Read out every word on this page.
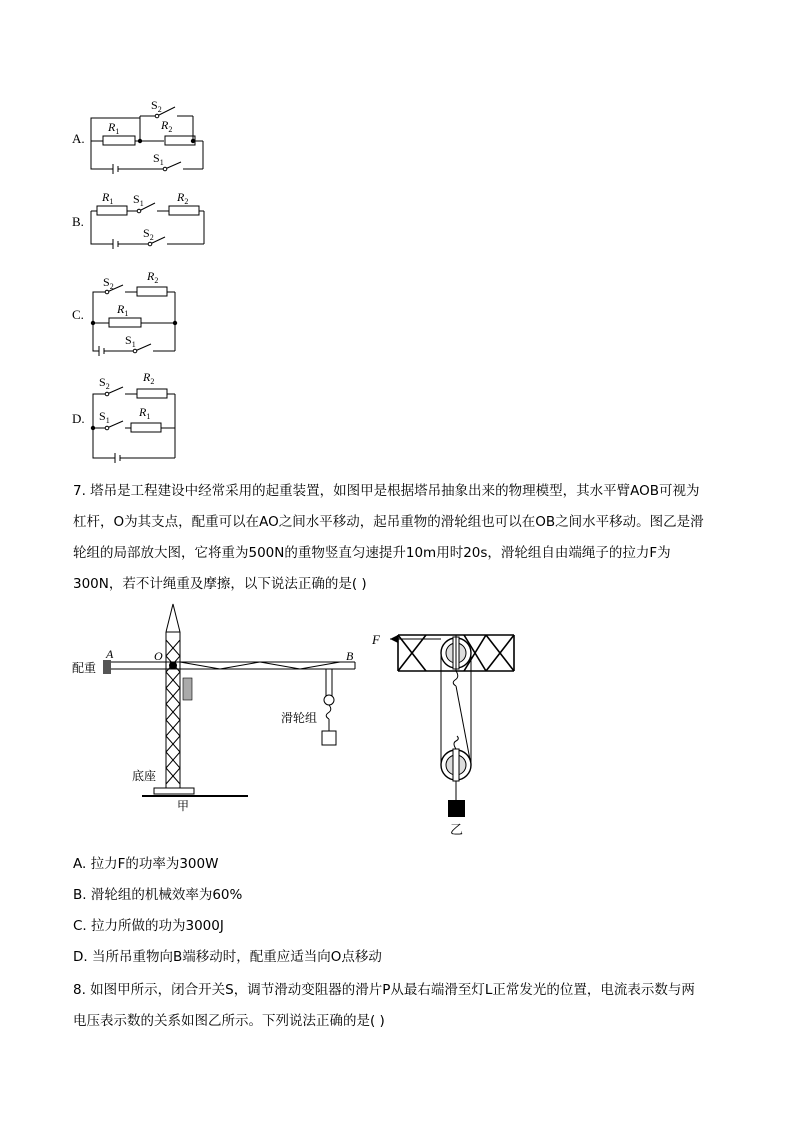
A.
$R_1$	$R_2$
$S_2$
$S_1$
B.
$R_1$	$R_2$
$S_1$
$S_2$
C.
$S_2$
$R_2$
$R_1$
$S_1$
D.
$S_2$
$R_2$
$S_1$
$R_1$
7. 塔吊是工程建设中经常采用的起重装置，如图甲是根据塔吊抽象出来的物理模型，其水平臂AOB可视为
杠杆，O为其支点，配重可以在AO之间水平移动，起吊重物的滑轮组也可以在OB之间水平移动。图乙是滑
轮组的局部放大图，它将重为500N的重物竖直匀速提升10m用时20s，滑轮组自由端绳子的拉力F为
300N，若不计绳重及摩擦，以下说法正确的是( )
A	O
配重
底座
甲
B
滑轮组
F
乙
A. 拉力F的功率为300W
B. 滑轮组的机械效率为60%
C. 拉力所做的功为3000J
D. 当所吊重物向B端移动时，配重应适当向O点移动
8. 如图甲所示，闭合开关S，调节滑动变阻器的滑片P从最右端滑至灯L正常发光的位置，电流表示数与两
电压表示数的关系如图乙所示。下列说法正确的是( )
